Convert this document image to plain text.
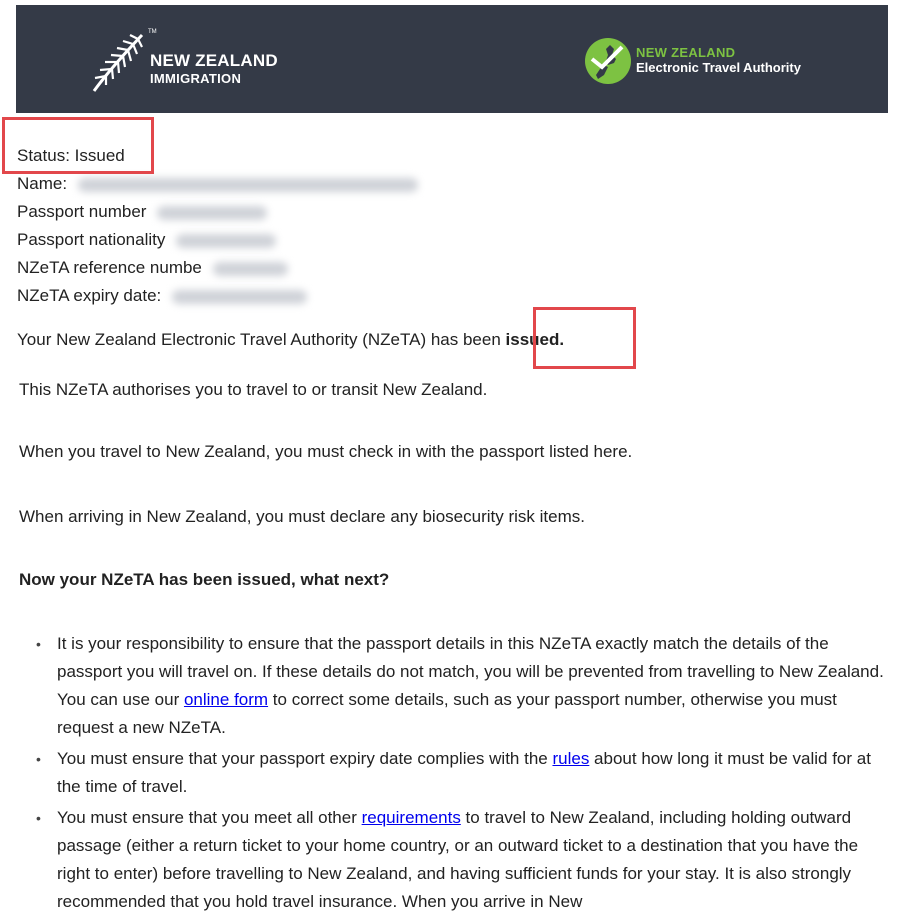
TM
NEW ZEALAND
IMMIGRATION
NEW ZEALAND
Electronic Travel Authority
Status: Issued
Name:
Passport number
Passport nationality
NZeTA reference numbe
NZeTA expiry date:
Your New Zealand Electronic Travel Authority (NZeTA) has been issued.
This NZeTA authorises you to travel to or transit New Zealand.
When you travel to New Zealand, you must check in with the passport listed here.
When arriving in New Zealand, you must declare any biosecurity risk items.
Now your NZeTA has been issued, what next?
• It is your responsibility to ensure that the passport details in this NZeTA exactly match the details of the passport you will travel on. If these details do not match, you will be prevented from travelling to New Zealand. You can use our online form to correct some details, such as your passport number, otherwise you must request a new NZeTA.
• You must ensure that your passport expiry date complies with the rules about how long it must be valid for at the time of travel.
• You must ensure that you meet all other requirements to travel to New Zealand, including holding outward passage (either a return ticket to your home country, or an outward ticket to a destination that you have the right to enter) before travelling to New Zealand, and having sufficient funds for your stay. It is also strongly recommended that you hold travel insurance. When you arrive in New
